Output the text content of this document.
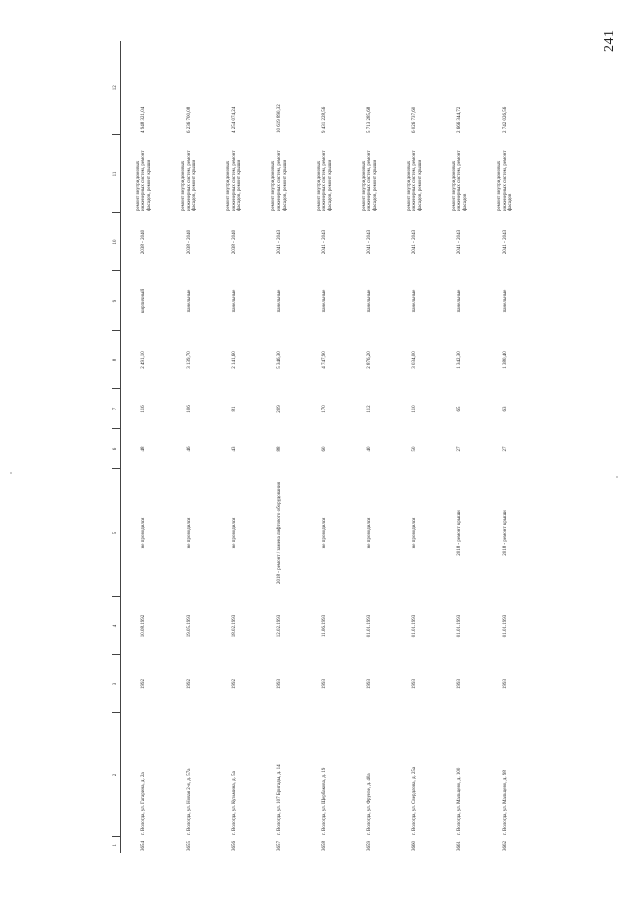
241
1	2	3	4	5	6	7	8	9	10	11	12
3654	г. Вологда, ул. Гагарина, д. 2а	1992	10.08.1992	не проводился	48	116	2 491,10	кирпичный	2038 - 2040	ремонт внутридомовых инженерных систем, ремонт фасадов, ремонт крыши	4 948 321,04
3655	г. Вологда, ул. Новая 2-я, д. 57а	1992	19.05.1993	не проводился	46	106	3 139,70	панельные	2038 - 2040	ремонт внутридомовых инженерных систем, ремонт фасадов, ремонт крыши	6 236 700,08
3656	г. Вологда, ул. Кузьмина, д. 5а	1992	18.02.1993	не проводился	43	81	2 141,60	панельные	2038 - 2040	ремонт внутридомовых инженерных систем, ремонт фасадов, ремонт крыши	4 254 074,24
3657	г. Вологда, ул. 107 Бригады, д. 14	1993	12.02.1993	2018 - ремонт / замена лифтового оборудования	88	209	5 346,30	панельные	2041 - 2043	ремонт внутридомовых инженерных систем, ремонт фасадов, ремонт крыши	10 619 890,32
3658	г. Вологда, ул. Щербакова, д. 19	1993	11.06.1993	не проводился	60	170	4 747,90	панельные	2041 - 2043	ремонт внутридомовых инженерных систем, ремонт фасадов, ремонт крыши	9 431 228,56
3659	г. Вологда, ул. Фрунзе, д. 40а	1993	01.01.1993	не проводился	40	112	2 876,20	панельные	2041 - 2043	ремонт внутридомовых инженерных систем, ремонт фасадов, ремонт крыши	5 713 285,68
3660	г. Вологда, ул. Свердлова, д. 25а	1993	01.01.1993	не проводился	50	110	3 034,00	панельные	2041 - 2043	ремонт внутридомовых инженерных систем, ремонт фасадов, ремонт крыши	6 026 737,60
3661	г. Вологда, ул. Мальцево, д. 100	1993	01.01.1993	2018 - ремонт крыши	27	65	1 342,30	панельные	2041 - 2043	ремонт внутридомовых инженерных систем, ремонт фасадов	2 666 344,72
3662	г. Вологда, ул. Мальцево, д. 98	1993	01.01.1993	2018 - ремонт крыши	27	63	1 380,40	панельные	2041 - 2043	ремонт внутридомовых инженерных систем, ремонт фасадов	2 742 026,56
